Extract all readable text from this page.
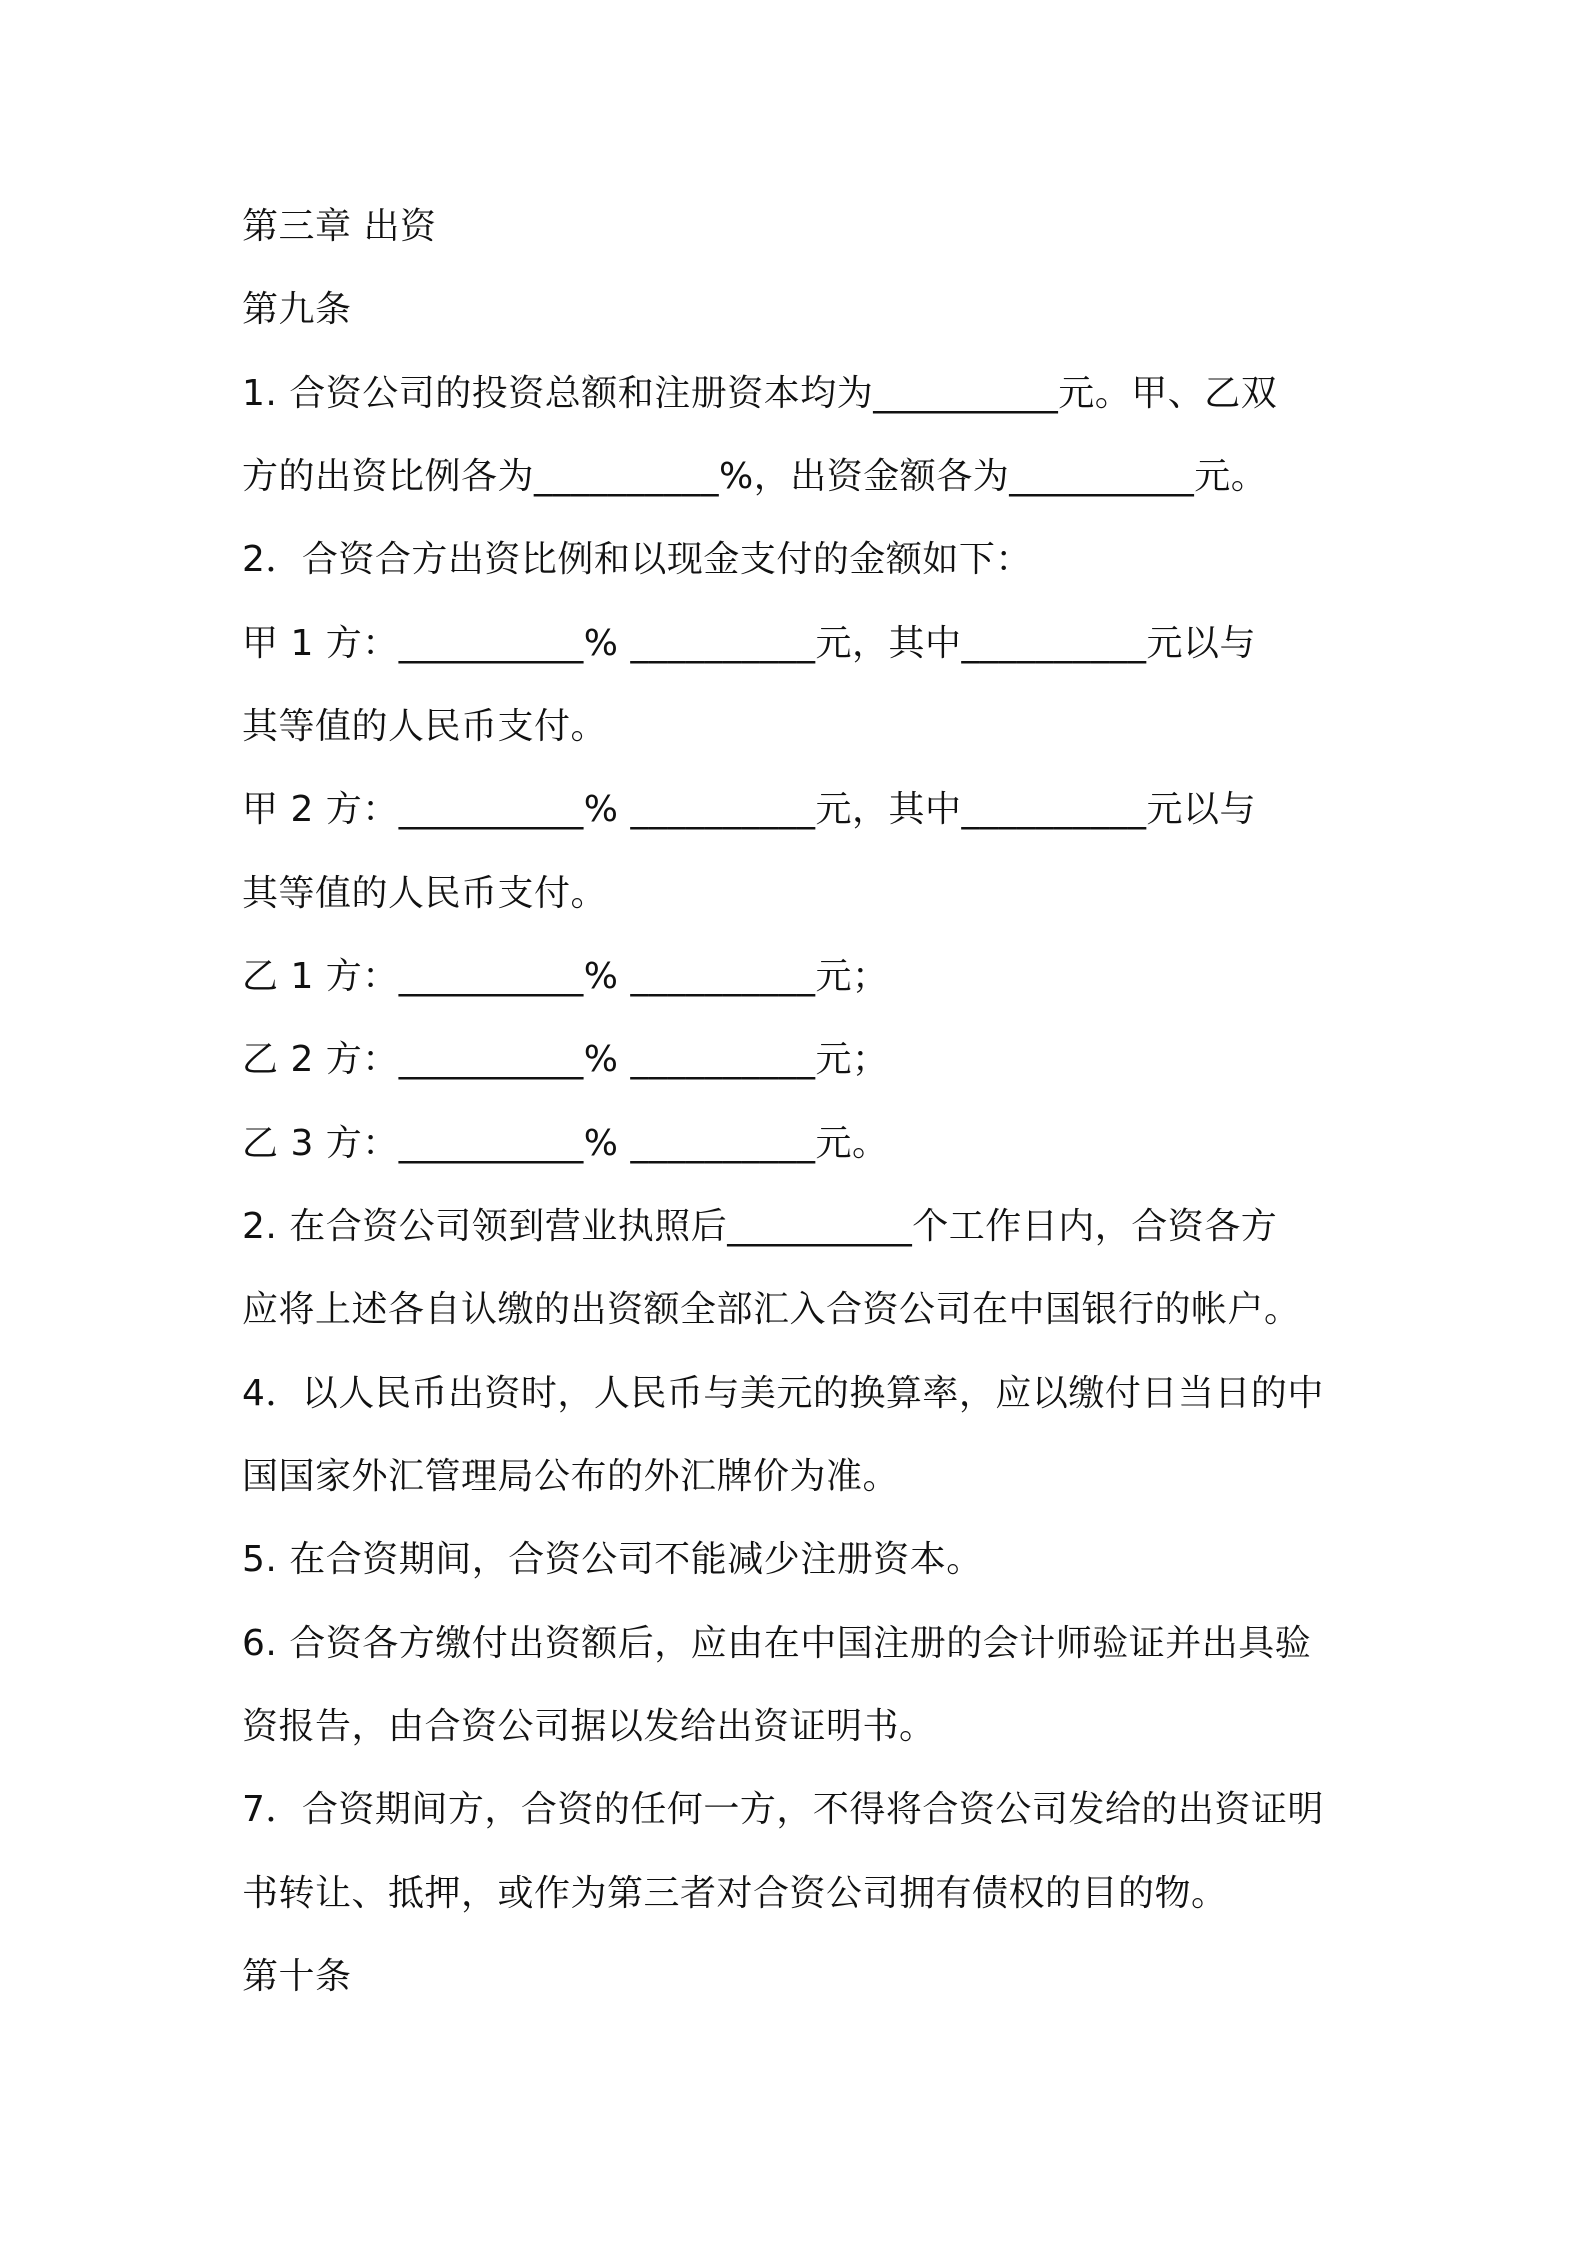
第三章 出资
第九条
1. 合资公司的投资总额和注册资本均为__________元。甲、乙双
方的出资比例各为__________%，出资金额各为__________元。
2．合资合方出资比例和以现金支付的金额如下：
甲 1 方：__________% __________元，其中__________元以与
其等值的人民币支付。
甲 2 方：__________% __________元，其中__________元以与
其等值的人民币支付。
乙 1 方：__________% __________元；
乙 2 方：__________% __________元；
乙 3 方：__________% __________元。
2. 在合资公司领到营业执照后__________个工作日内，合资各方
应将上述各自认缴的出资额全部汇入合资公司在中国银行的帐户。
4．以人民币出资时，人民币与美元的换算率，应以缴付日当日的中
国国家外汇管理局公布的外汇牌价为准。
5. 在合资期间，合资公司不能减少注册资本。
6. 合资各方缴付出资额后，应由在中国注册的会计师验证并出具验
资报告，由合资公司据以发给出资证明书。
7．合资期间方，合资的任何一方，不得将合资公司发给的出资证明
书转让、抵押，或作为第三者对合资公司拥有债权的目的物。
第十条
